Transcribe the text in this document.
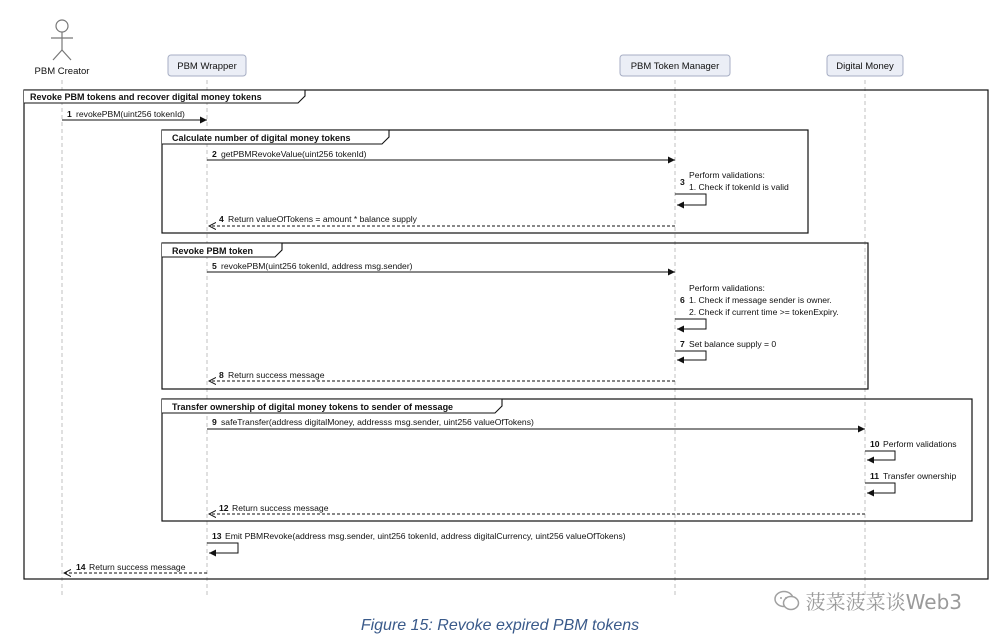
PBM Creator	PBM Wrapper	PBM Token Manager	Digital Money
Revoke PBM tokens and recover digital money tokens
1 revokePBM(uint256 tokenId)
Calculate number of digital money tokens
2 getPBMRevokeValue(uint256 tokenId)
3
Perform validations:
1. Check if tokenId is valid
4 Return valueOfTokens = amount * balance supply
Revoke PBM token
5 revokePBM(uint256 tokenId, address msg.sender)
Perform validations:
6 1. Check if message sender is owner.
2. Check if current time >= tokenExpiry.
7 Set balance supply = 0
8 Return success message
Transfer ownership of digital money tokens to sender of message
9 safeTransfer(address digitalMoney, addresss msg.sender, uint256 valueOfTokens)
10 Perform validations
11 Transfer ownership
12 Return success message
13 Emit PBMRevoke(address msg.sender, uint256 tokenId, address digitalCurrency, uint256 valueOfTokens)
14 Return success message
菠菜菠菜谈Web3
Figure 15: Revoke expired PBM tokens
